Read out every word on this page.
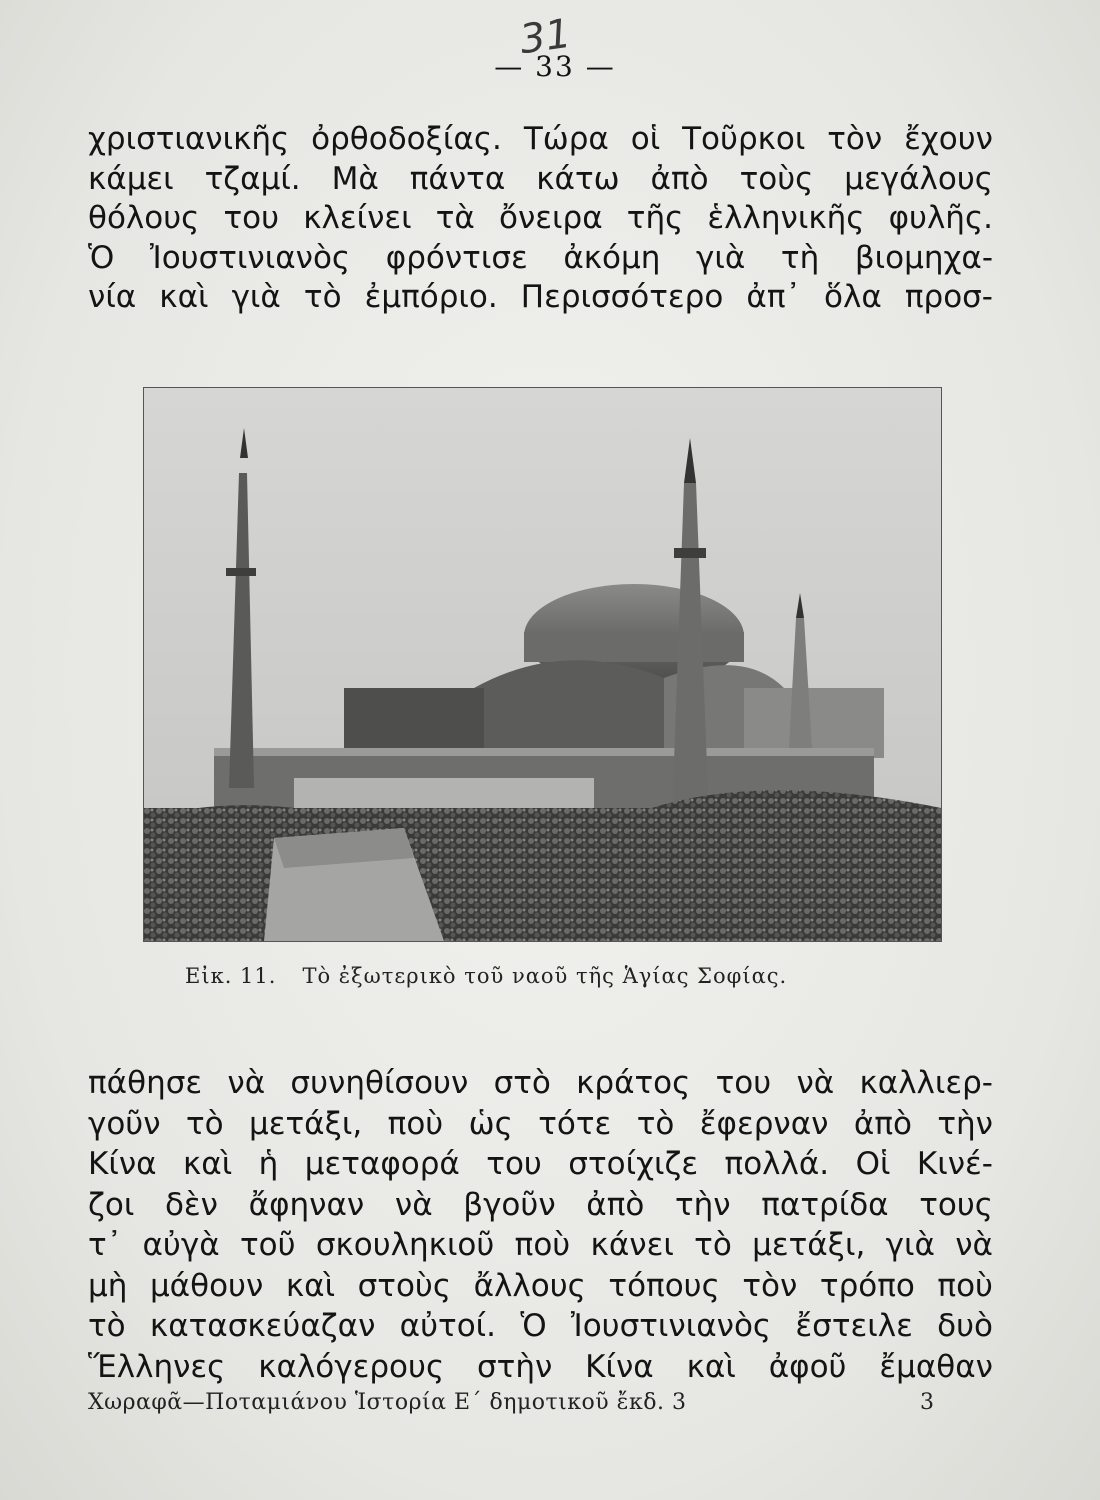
31
— 33 —
χριστιανικῆς ὀρθοδοξίας. Τώρα οἱ Τοῦρκοι τὸν ἔχουν
κάμει τζαμί. Μὰ πάντα κάτω ἀπὸ τοὺς μεγάλους
θόλους του κλείνει τὰ ὄνειρα τῆς ἑλληνικῆς φυλῆς.
Ὁ Ἰουστινιανὸς φρόντισε ἀκόμη γιὰ τὴ βιομηχα-
νία καὶ γιὰ τὸ ἐμπόριο. Περισσότερο ἀπ᾿ ὅλα προσ-
Εἰκ. 11. Τὸ ἐξωτερικὸ τοῦ ναοῦ τῆς Ἁγίας Σοφίας.
πάθησε νὰ συνηθίσουν στὸ κράτος του νὰ καλλιερ-
γοῦν τὸ μετάξι, ποὺ ὡς τότε τὸ ἔφερναν ἀπὸ τὴν
Κίνα καὶ ἡ μεταφορά του στοίχιζε πολλά. Οἱ Κινέ-
ζοι δὲν ἄφηναν νὰ βγοῦν ἀπὸ τὴν πατρίδα τους
τ᾿ αὐγὰ τοῦ σκουληκιοῦ ποὺ κάνει τὸ μετάξι, γιὰ νὰ
μὴ μάθουν καὶ στοὺς ἄλλους τόπους τὸν τρόπο ποὺ
τὸ κατασκεύαζαν αὐτοί. Ὁ Ἰουστινιανὸς ἔστειλε δυὸ
Ἕλληνες καλόγερους στὴν Κίνα καὶ ἀφοῦ ἔμαθαν
Χωραφᾶ—Ποταμιάνου Ἱστορία Ε΄ δημοτικοῦ ἔκδ. 3	3
